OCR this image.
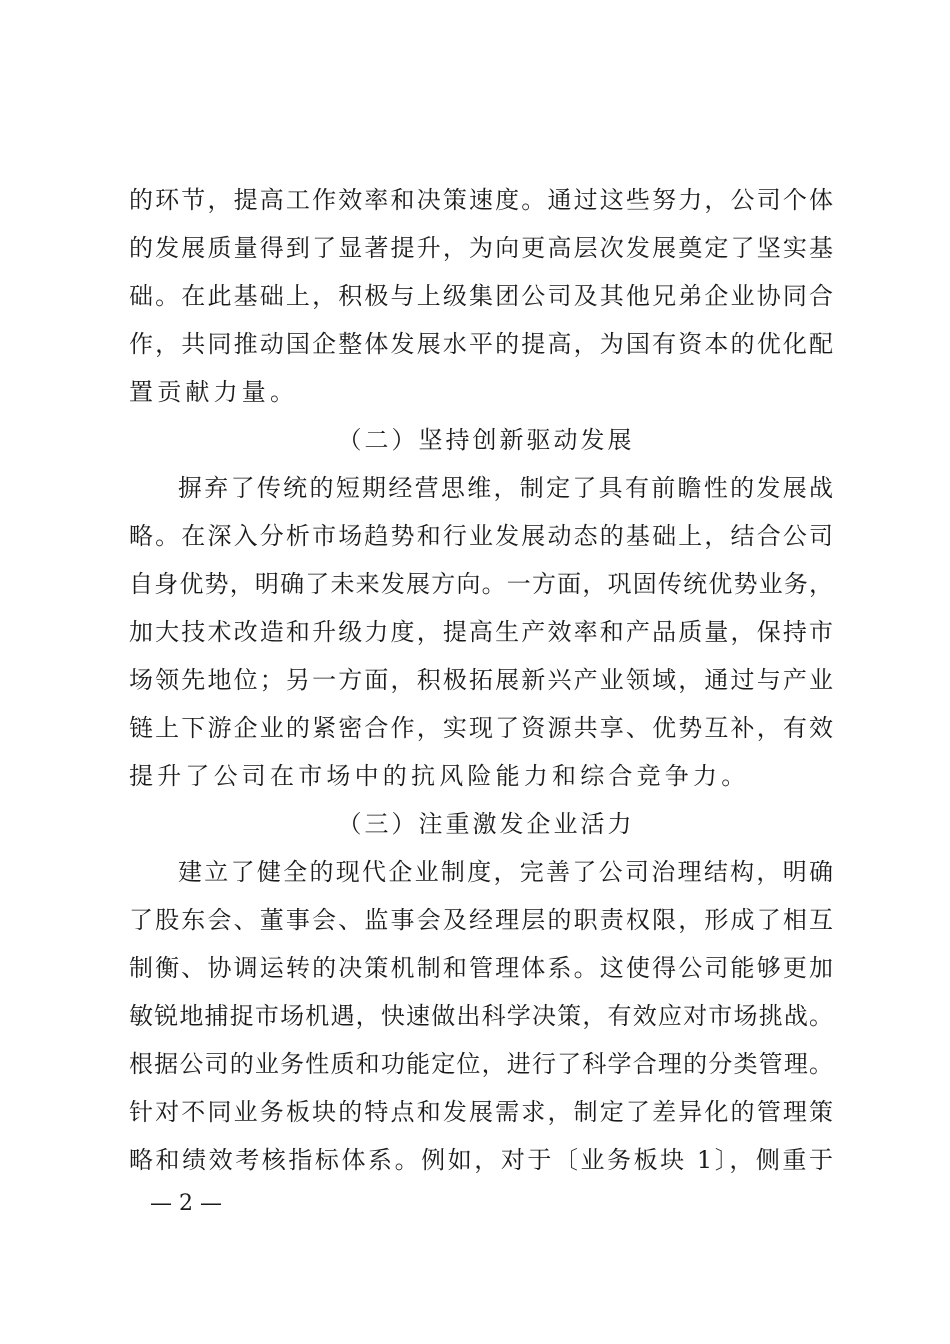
的环节，提高工作效率和决策速度。通过这些努力，公司个体
的发展质量得到了显著提升，为向更高层次发展奠定了坚实基
础。在此基础上，积极与上级集团公司及其他兄弟企业协同合
作，共同推动国企整体发展水平的提高，为国有资本的优化配
置贡献力量。
（二）坚持创新驱动发展
摒弃了传统的短期经营思维，制定了具有前瞻性的发展战
略。在深入分析市场趋势和行业发展动态的基础上，结合公司
自身优势，明确了未来发展方向。一方面，巩固传统优势业务，
加大技术改造和升级力度，提高生产效率和产品质量，保持市
场领先地位；另一方面，积极拓展新兴产业领域，通过与产业
链上下游企业的紧密合作，实现了资源共享、优势互补，有效
提升了公司在市场中的抗风险能力和综合竞争力。
（三）注重激发企业活力
建立了健全的现代企业制度，完善了公司治理结构，明确
了股东会、董事会、监事会及经理层的职责权限，形成了相互
制衡、协调运转的决策机制和管理体系。这使得公司能够更加
敏锐地捕捉市场机遇，快速做出科学决策，有效应对市场挑战。
根据公司的业务性质和功能定位，进行了科学合理的分类管理。
针对不同业务板块的特点和发展需求，制定了差异化的管理策
略和绩效考核指标体系。例如，对于〔业务板块 1〕，侧重于
— 2 —
